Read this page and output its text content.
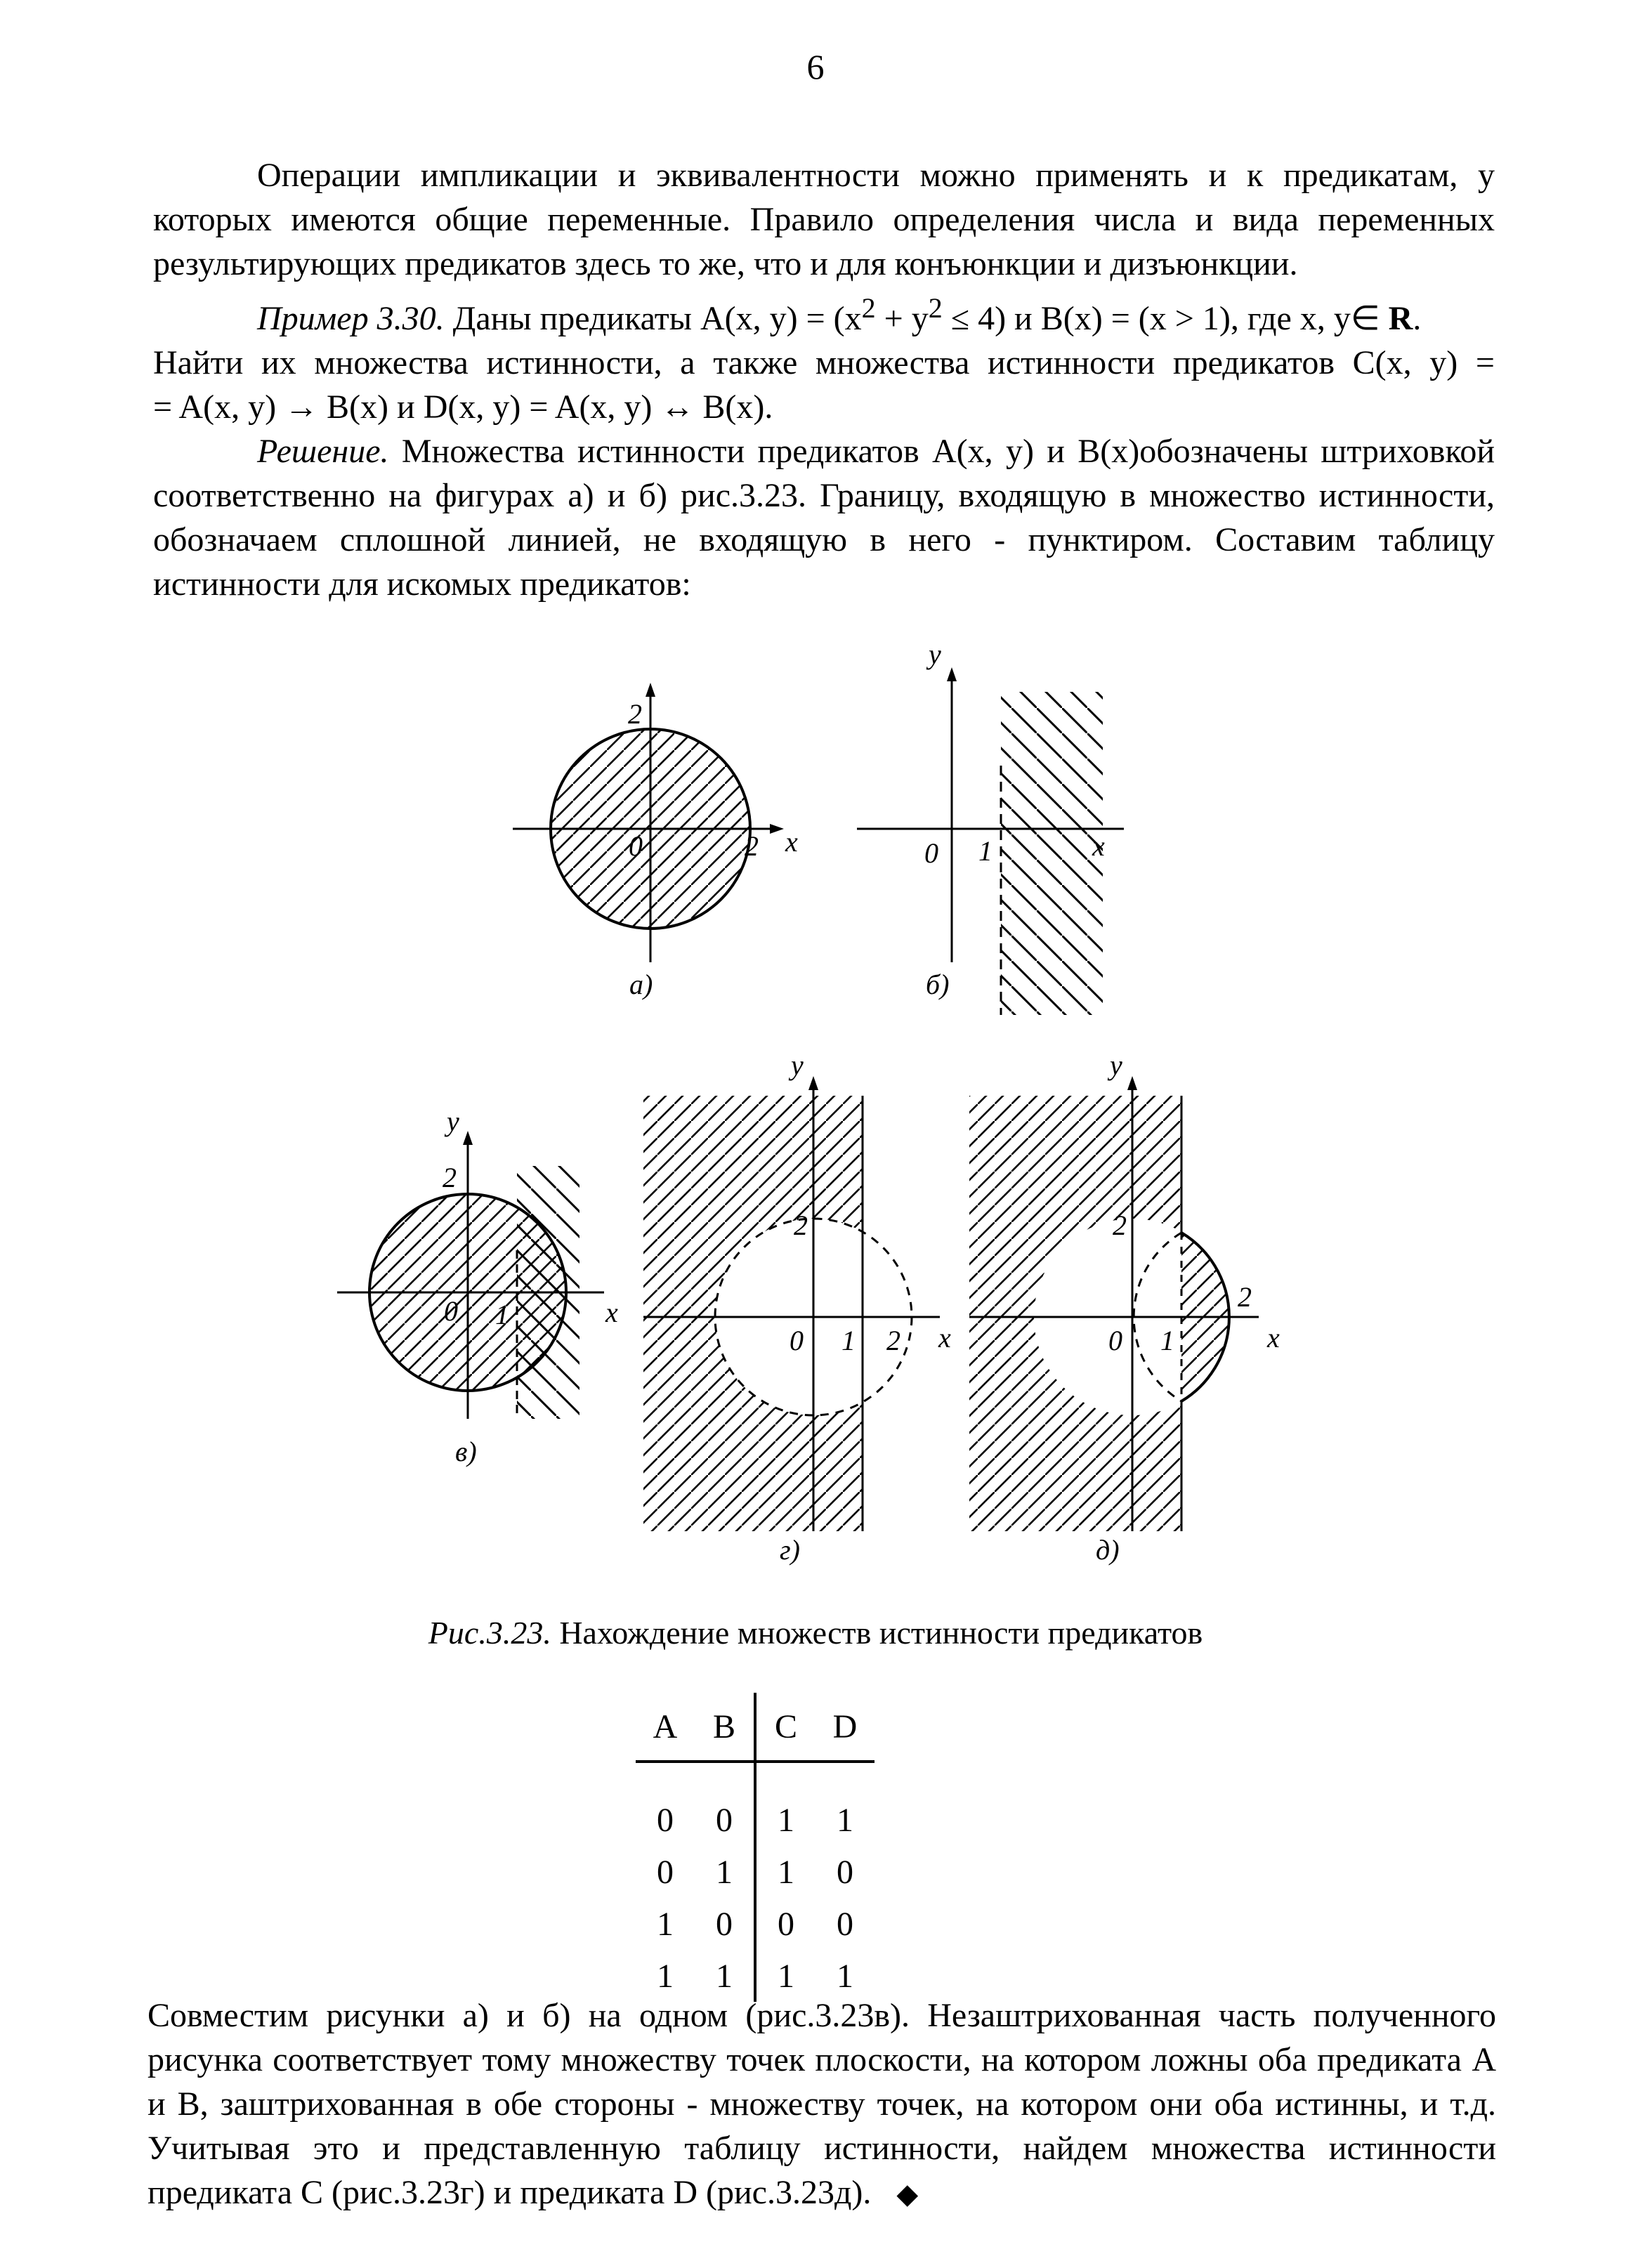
6

Операции импликации и эквивалентности можно применять и к предикатам, у которых имеются общие переменные. Правило определения числа и вида переменных результирующих предикатов здесь то же, что и для конъюнкции и дизъюнкции.

Пример 3.30. Даны предикаты A(x, $y) = (x^2 + y^2 \le 4)$ и B(x) = (x > 1), где x, y∈ R.

Найти их множества истинности, а также множества истинности предикатов C(x, y) =

= A(x, y) → B(x) и D(x, y) = A(x, y) ↔ B(x).

Решение. Множества истинности предикатов A(x, y) и B(x)обозначены штриховкой соответственно на фигурах а) и б) рис.3.23. Границу, входящую в множество истинности, обозначаем сплошной линией, не входящую в него - пунктиром. Составим таблицу истинности для искомых предикатов:

2
0	2 x
а)
y
0 1	x
б)
y
2
0 1	x
в)
y
2
0 1 2 x
г)
y
2
0 1
2
x
д)
Рис.3.23. Нахождение множеств истинности предикатов
A	B	C	D

0	0	1	1
0	1	1	0
1	0	0	0
1	1	1	1

Совместим рисунки а) и б) на одном (рис.3.23в). Незаштрихованная часть полученного рисунка соответствует тому множеству точек плоскости, на котором ложны оба предиката A и B, заштрихованная в обе стороны - множеству точек, на котором они оба истинны, и т.д. Учитывая это и представленную таблицу истинности, найдем множества истинности предиката C (рис.3.23г) и предиката D (рис.3.23д). ◆
